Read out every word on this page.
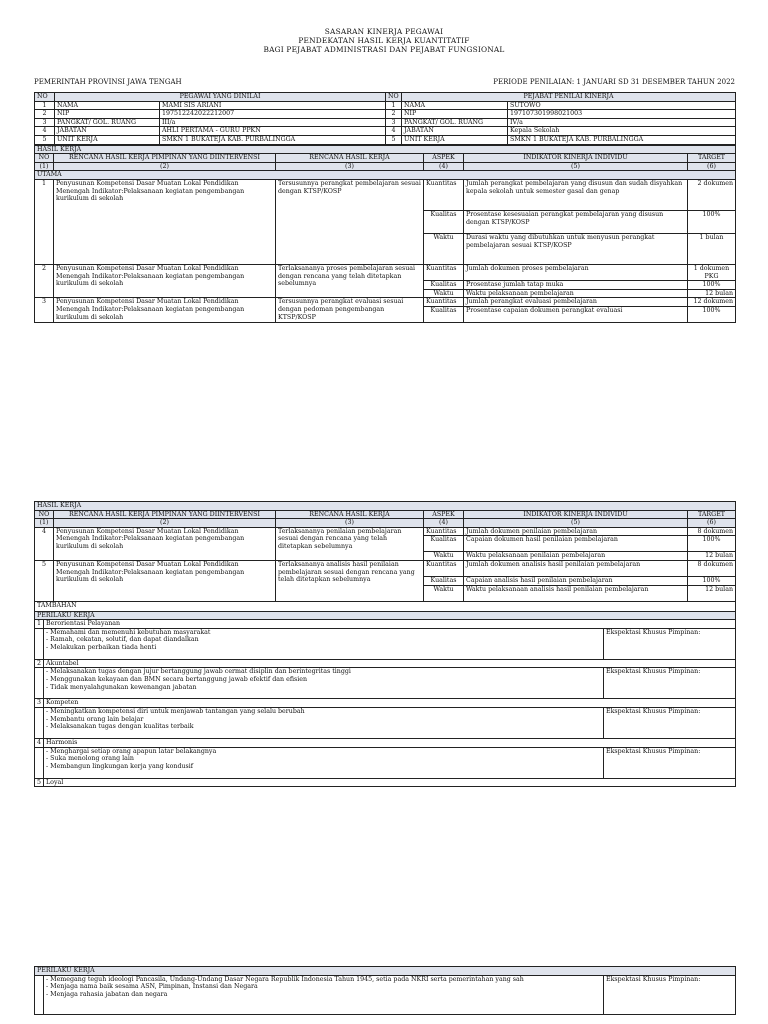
SASARAN KINERJA PEGAWAI
PENDEKATAN HASIL KERJA KUANTITATIF
BAGI PEJABAT ADMINISTRASI DAN PEJABAT FUNGSIONAL
PEMERINTAH PROVINSI JAWA TENGAH	PERIODE PENILAIAN: 1 JANUARI SD 31 DESEMBER TAHUN 2022
NO	PEGAWAI YANG DINILAI		NO	PEJABAT PENILAI KINERJA	
1	NAMA	MAMI SIS ARIANI	1	NAMA	SUTOWO
2	NIP	197512242022212007	2	NIP	197107301998021003
3	PANGKAT/ GOL. RUANG	III/a	3	PANGKAT/ GOL. RUANG	IV/a
4	JABATAN	AHLI PERTAMA - GURU PPKN	4	JABATAN	Kepala Sekolah
5	UNIT KERJA	SMKN 1 BUKATEJA KAB. PURBALINGGA	5	UNIT KERJA	SMKN 1 BUKATEJA KAB. PURBALINGGA
HASIL KERJA					
NO	RENCANA HASIL KERJA PIMPINAN YANG DIINTERVENSI	RENCANA HASIL KERJA	ASPEK	INDIKATOR KINERJA INDIVIDU	TARGET
(1)	(2)	(3)	(4)	(5)	(6)
UTAMA					
1	Penyusunan Kompetensi Dasar Muatan Lokal Pendidikan Menengah Indikator:Pelaksanaan kegiatan pengembangan kurikulum di sekolah	Tersusunnya perangkat pembelajaran sesuai dengan KTSP/KOSP	Kuantitas	Jumlah perangkat pembelajaran yang disusun dan sudah disyahkan kepala sekolah untuk semester gasal dan genap	2 dokumen
			Kualitas	Prosentase kesesuaian perangkat pembelajaran yang disusun dengan KTSP/KOSP	100%
			Waktu	Durasi waktu yang dibutuhkan untuk menyusun perangkat pembelajaran sesuai KTSP/KOSP	1 bulan
2	Penyusunan Kompetensi Dasar Muatan Lokal Pendidikan Menengah Indikator:Pelaksanaan kegiatan pengembangan kurikulum di sekolah	Terlaksananya proses pembelajaran sesuai dengan rencana yang telah ditetapkan sebelumnya	Kuantitas	Jumlah dokumen proses pembelajaran	1 dokumen PKG
			Kualitas	Prosentase jumlah tatap muka	100%
			Waktu	Waktu pelaksanaan pembelajaran	12 bulan
3	Penyusunan Kompetensi Dasar Muatan Lokal Pendidikan Menengah Indikator:Pelaksanaan kegiatan pengembangan kurikulum di sekolah	Tersusunnya perangkat evaluasi sesuai dengan pedoman pengembangan KTSP/KOSP	Kuantitas	Jumlah perangkat evaluasi pembelajaran	12 dokumen
			Kualitas	Prosentase capaian dokumen perangkat evaluasi	100%
HASIL KERJA					
NO	RENCANA HASIL KERJA PIMPINAN YANG DIINTERVENSI	RENCANA HASIL KERJA	ASPEK	INDIKATOR KINERJA INDIVIDU	TARGET
(1)	(2)	(3)	(4)	(5)	(6)
4	Penyusunan Kompetensi Dasar Muatan Lokal Pendidikan Menengah Indikator:Pelaksanaan kegiatan pengembangan kurikulum di sekolah	Terlaksananya penilaian pembelajaran sesuai dengan rencana yang telah ditetapkan sebelumnya	Kuantitas	Jumlah dokumen penilaian pembelajaran	8 dokumen
			Kualitas	Capaian dokumen hasil penilaian pembelajaran	100%
			Waktu	Waktu pelaksanaan penilaian pembelajaran	12 bulan
5	Penyusunan Kompetensi Dasar Muatan Lokal Pendidikan Menengah Indikator:Pelaksanaan kegiatan pengembangan kurikulum di sekolah	Terlaksananya analisis hasil penilaian pembelajaran sesuai dengan rencana yang telah ditetapkan sebelumnya	Kuantitas	Jumlah dokumen analisis hasil penilaian pembelajaran	8 dokumen
			Kualitas	Capaian analisis hasil penilaian pembelajaran	100%
			Waktu	Waktu pelaksanaan analisis hasil penilaian pembelajaran	12 bulan
TAMBAHAN					
PERILAKU KERJA					
1	Berorientasi Pelayanan	

	- Memahami dan memenuhi kebutuhan masyarakat
- Ramah, cekatan, solutif, dan dapat diandalkan
- Melakukan perbaikan tiada henti	Ekspektasi Khusus Pimpinan:
2	Akuntabel	

	- Melaksanakan tugas dengan jujur bertanggung jawab cermat disiplin dan berintegritas tinggi
- Menggunakan kekayaan dan BMN secara bertanggung jawab efektif dan efisien
- Tidak menyalahgunakan kewenangan jabatan	Ekspektasi Khusus Pimpinan:
3	Kompeten	

	- Meningkatkan kompetensi diri untuk menjawab tantangan yang selalu berubah
- Membantu orang lain belajar
- Melaksanakan tugas dengan kualitas terbaik	Ekspektasi Khusus Pimpinan:
4	Harmonis	

	- Menghargai setiap orang apapun latar belakangnya
- Suka menolong orang lain
- Membangun lingkungan kerja yang kondusif	Ekspektasi Khusus Pimpinan:
5	Loyal	
PERILAKU KERJA

- Memegang teguh ideologi Pancasila, Undang-Undang Dasar Negara Republik Indonesia Tahun 1945, setia pada NKRI serta pemerintahan yang sah
- Menjaga nama baik sesama ASN, Pimpinan, Instansi dan Negara
- Menjaga rahasia jabatan dan negara
	Ekspektasi Khusus Pimpinan:
